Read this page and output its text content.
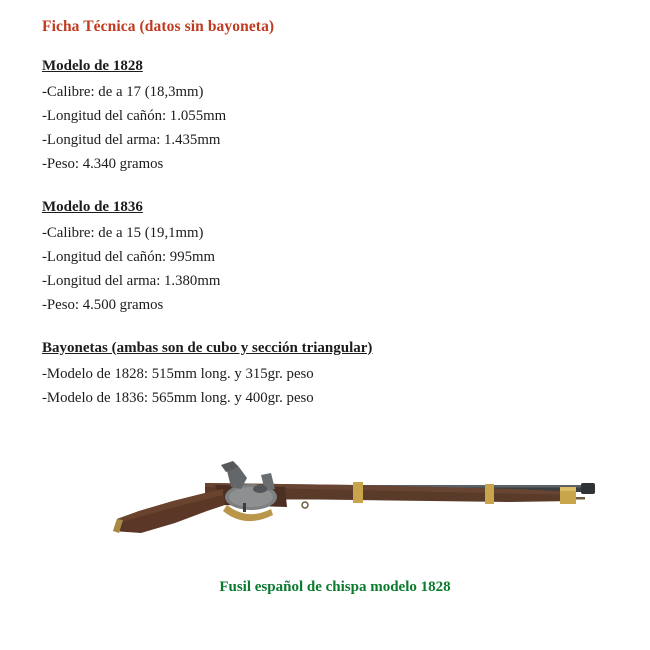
Ficha Técnica (datos sin bayoneta)
Modelo de 1828

-Calibre: de a 17 (18,3mm)

-Longitud del cañón: 1.055mm

-Longitud del arma: 1.435mm

-Peso: 4.340 gramos

Modelo de 1836

-Calibre: de a 15 (19,1mm)

-Longitud del cañón: 995mm

-Longitud del arma: 1.380mm

-Peso: 4.500 gramos

Bayonetas (ambas son de cubo y sección triangular)

-Modelo de 1828: 515mm long. y 315gr. peso

-Modelo de 1836: 565mm long. y 400gr. peso

Fusil español de chispa modelo 1828
